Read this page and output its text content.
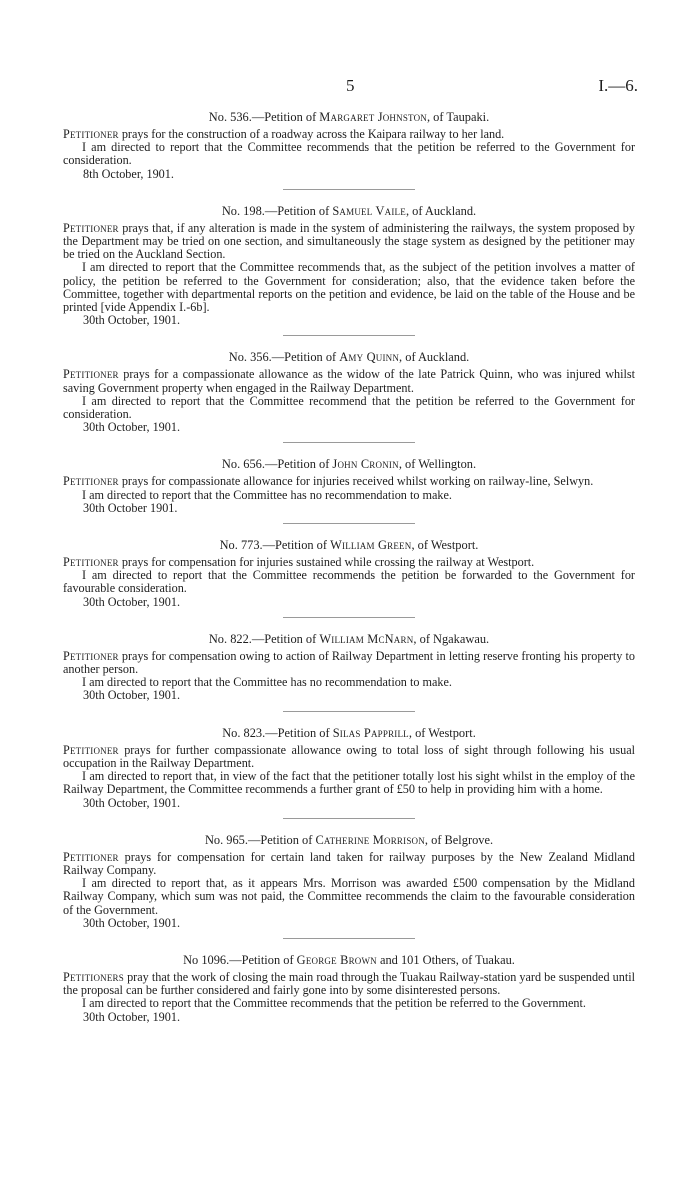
5	I.—6.
No. 536.—Petition of Margaret Johnston, of Taupaki.

Petitioner prays for the construction of a roadway across the Kaipara railway to her land.

I am directed to report that the Committee recommends that the petition be referred to the Government for consideration.

8th October, 1901.
No. 198.—Petition of Samuel Vaile, of Auckland.

Petitioner prays that, if any alteration is made in the system of administering the railways, the system proposed by the Department may be tried on one section, and simultaneously the stage system as designed by the petitioner may be tried on the Auckland Section.

I am directed to report that the Committee recommends that, as the subject of the petition involves a matter of policy, the petition be referred to the Government for consideration; also, that the evidence taken before the Committee, together with departmental reports on the petition and evidence, be laid on the table of the House and be printed [vide Appendix I.-6b].

30th October, 1901.
No. 356.—Petition of Amy Quinn, of Auckland.

Petitioner prays for a compassionate allowance as the widow of the late Patrick Quinn, who was injured whilst saving Government property when engaged in the Railway Department.

I am directed to report that the Committee recommend that the petition be referred to the Government for consideration.

30th October, 1901.
No. 656.—Petition of John Cronin, of Wellington.

Petitioner prays for compassionate allowance for injuries received whilst working on railway-line, Selwyn.

I am directed to report that the Committee has no recommendation to make.

30th October 1901.
No. 773.—Petition of William Green, of Westport.

Petitioner prays for compensation for injuries sustained while crossing the railway at Westport.

I am directed to report that the Committee recommends the petition be forwarded to the Government for favourable consideration.

30th October, 1901.
No. 822.—Petition of William McNarn, of Ngakawau.

Petitioner prays for compensation owing to action of Railway Department in letting reserve fronting his property to another person.

I am directed to report that the Committee has no recommendation to make.

30th October, 1901.
No. 823.—Petition of Silas Papprill, of Westport.

Petitioner prays for further compassionate allowance owing to total loss of sight through following his usual occupation in the Railway Department.

I am directed to report that, in view of the fact that the petitioner totally lost his sight whilst in the employ of the Railway Department, the Committee recommends a further grant of £50 to help in providing him with a home.

30th October, 1901.
No. 965.—Petition of Catherine Morrison, of Belgrove.

Petitioner prays for compensation for certain land taken for railway purposes by the New Zealand Midland Railway Company.

I am directed to report that, as it appears Mrs. Morrison was awarded £500 compensation by the Midland Railway Company, which sum was not paid, the Committee recommends the claim to the favourable consideration of the Government.

30th October, 1901.
No 1096.—Petition of George Brown and 101 Others, of Tuakau.

Petitioners pray that the work of closing the main road through the Tuakau Railway-station yard be suspended until the proposal can be further considered and fairly gone into by some disinterested persons.

I am directed to report that the Committee recommends that the petition be referred to the Government.

30th October, 1901.
